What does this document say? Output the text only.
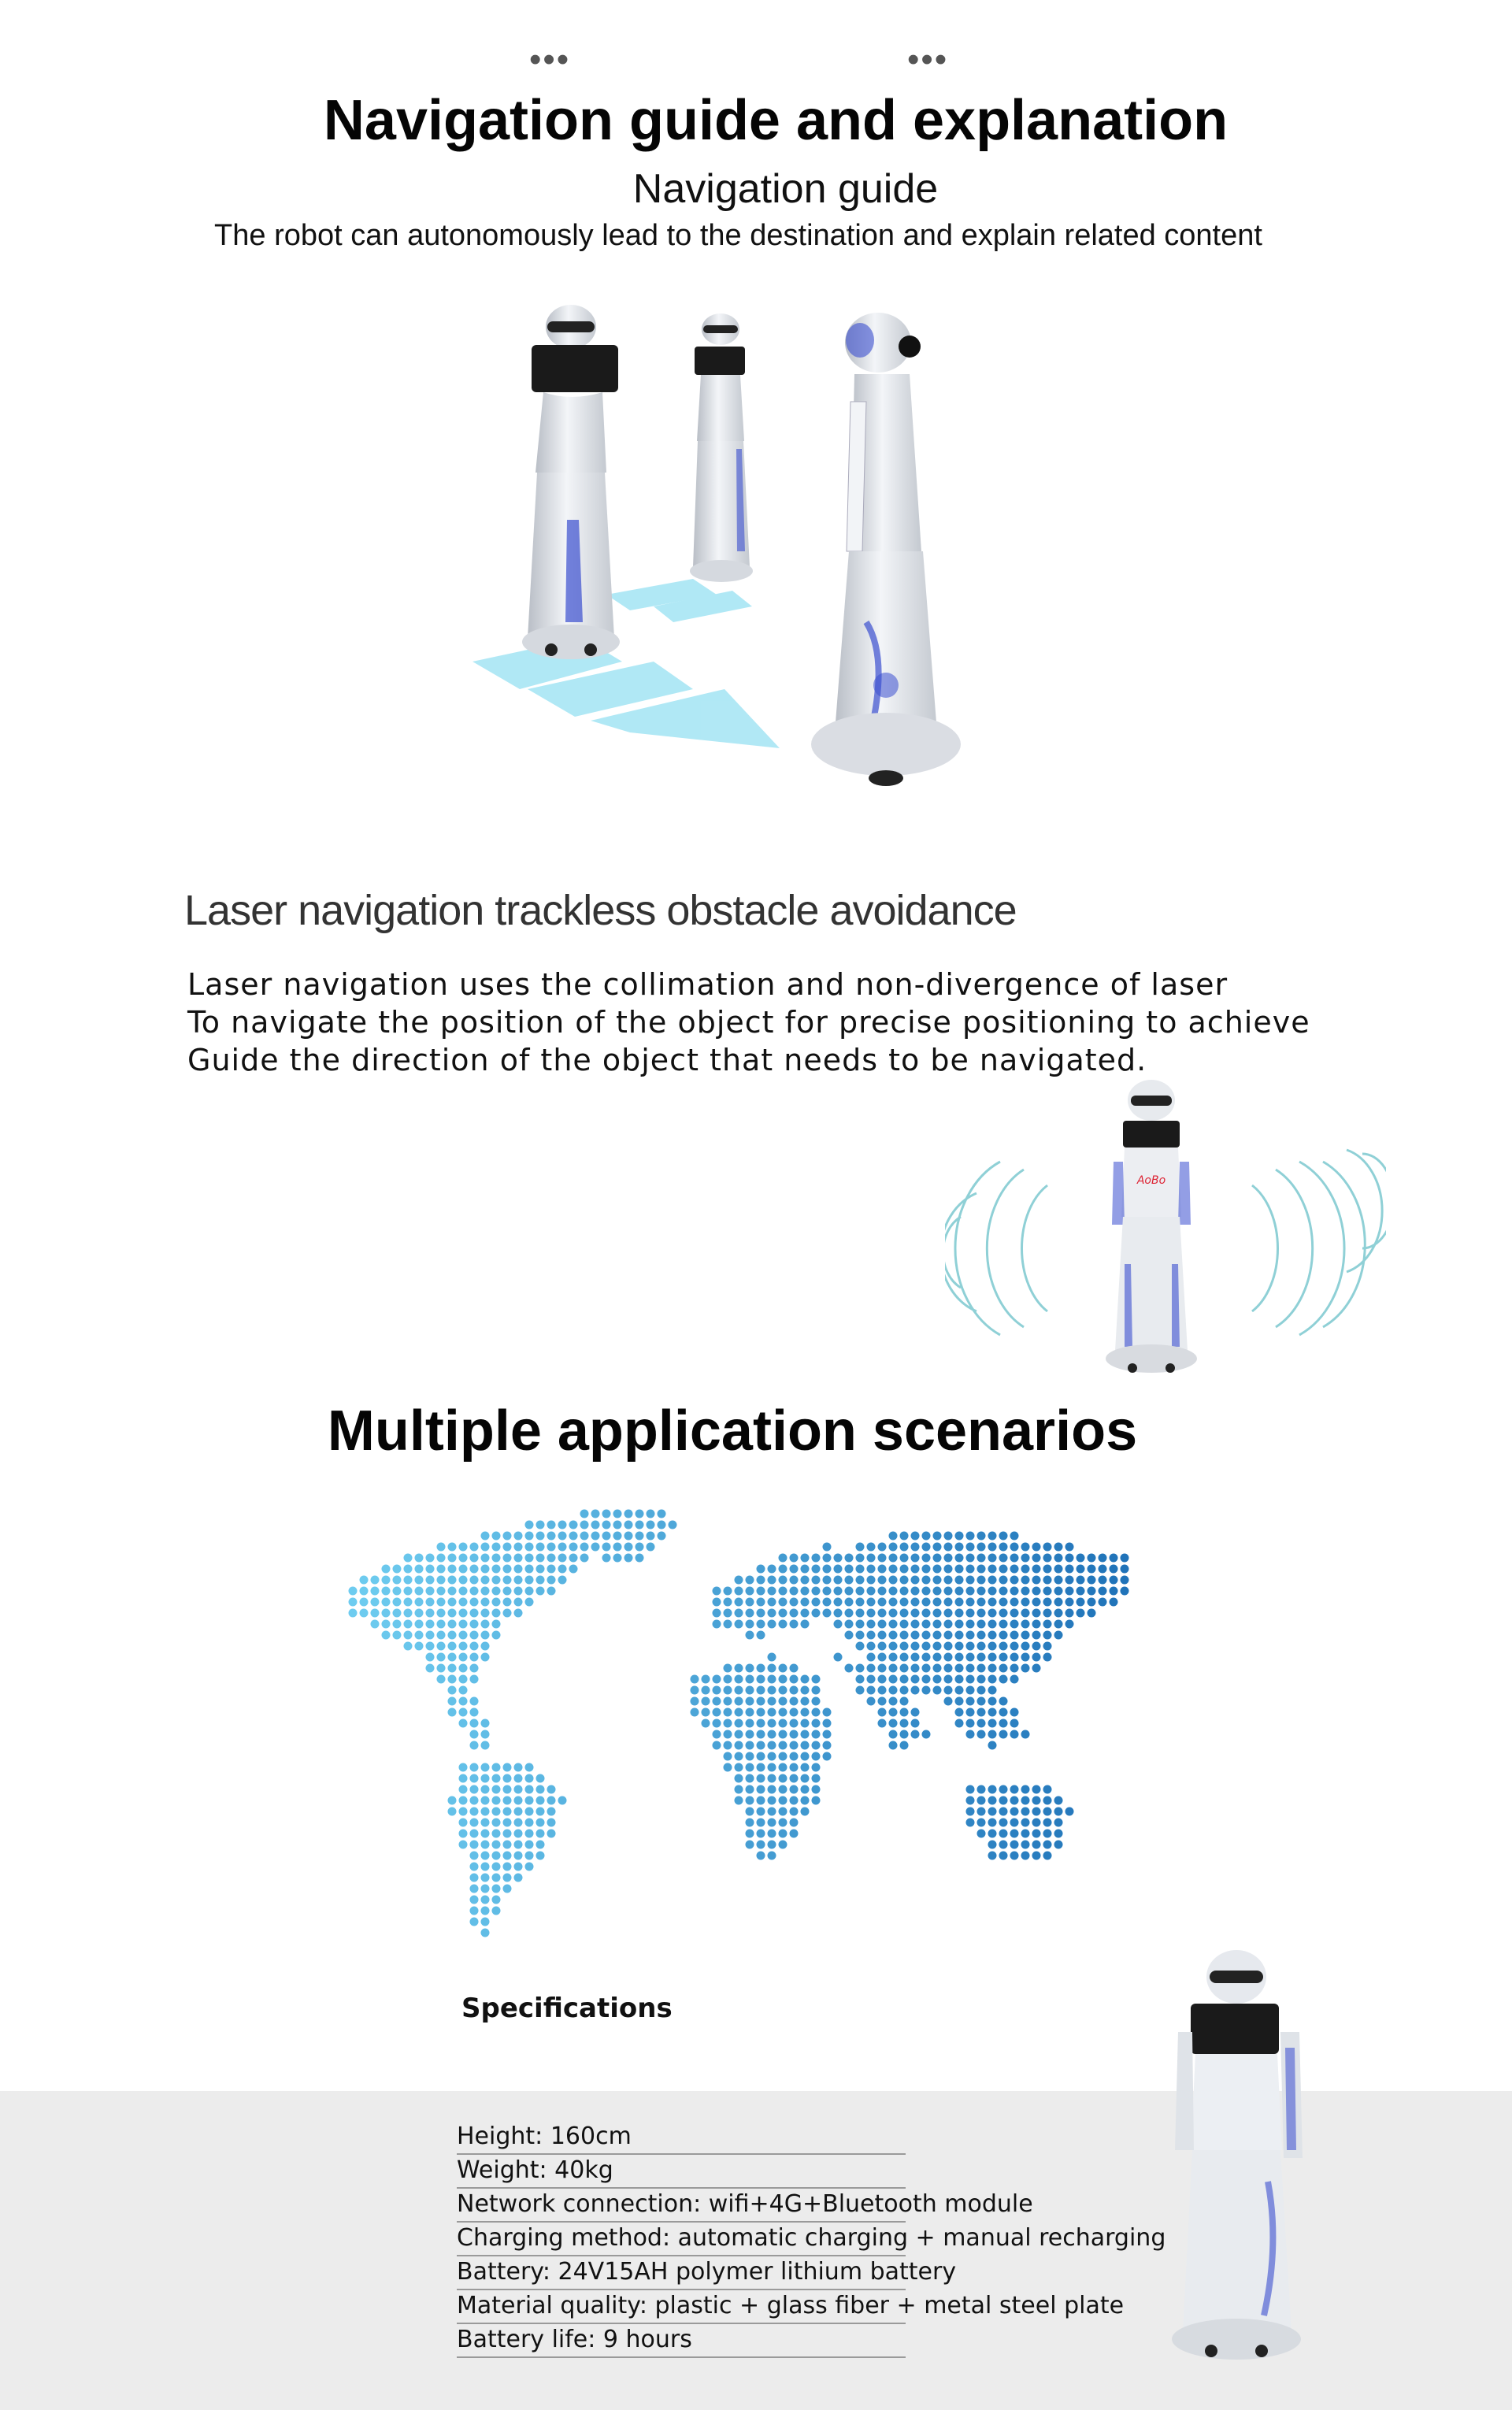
•••	•••
Navigation guide and explanation
Navigation guide
The robot can autonomously lead to the destination and explain related content
Laser navigation trackless obstacle avoidance
Laser navigation uses the collimation and non-divergence of laser
To navigate the position of the object for precise positioning to achieve
Guide the direction of the object that needs to be navigated.
AoBo
Multiple application scenarios
Specifications
Height: 160cm
Weight: 40kg
Network connection: wifi+4G+Bluetooth module
Charging method: automatic charging + manual recharging
Battery: 24V15AH polymer lithium battery
Material quality: plastic + glass fiber + metal steel plate
Battery life: 9 hours
